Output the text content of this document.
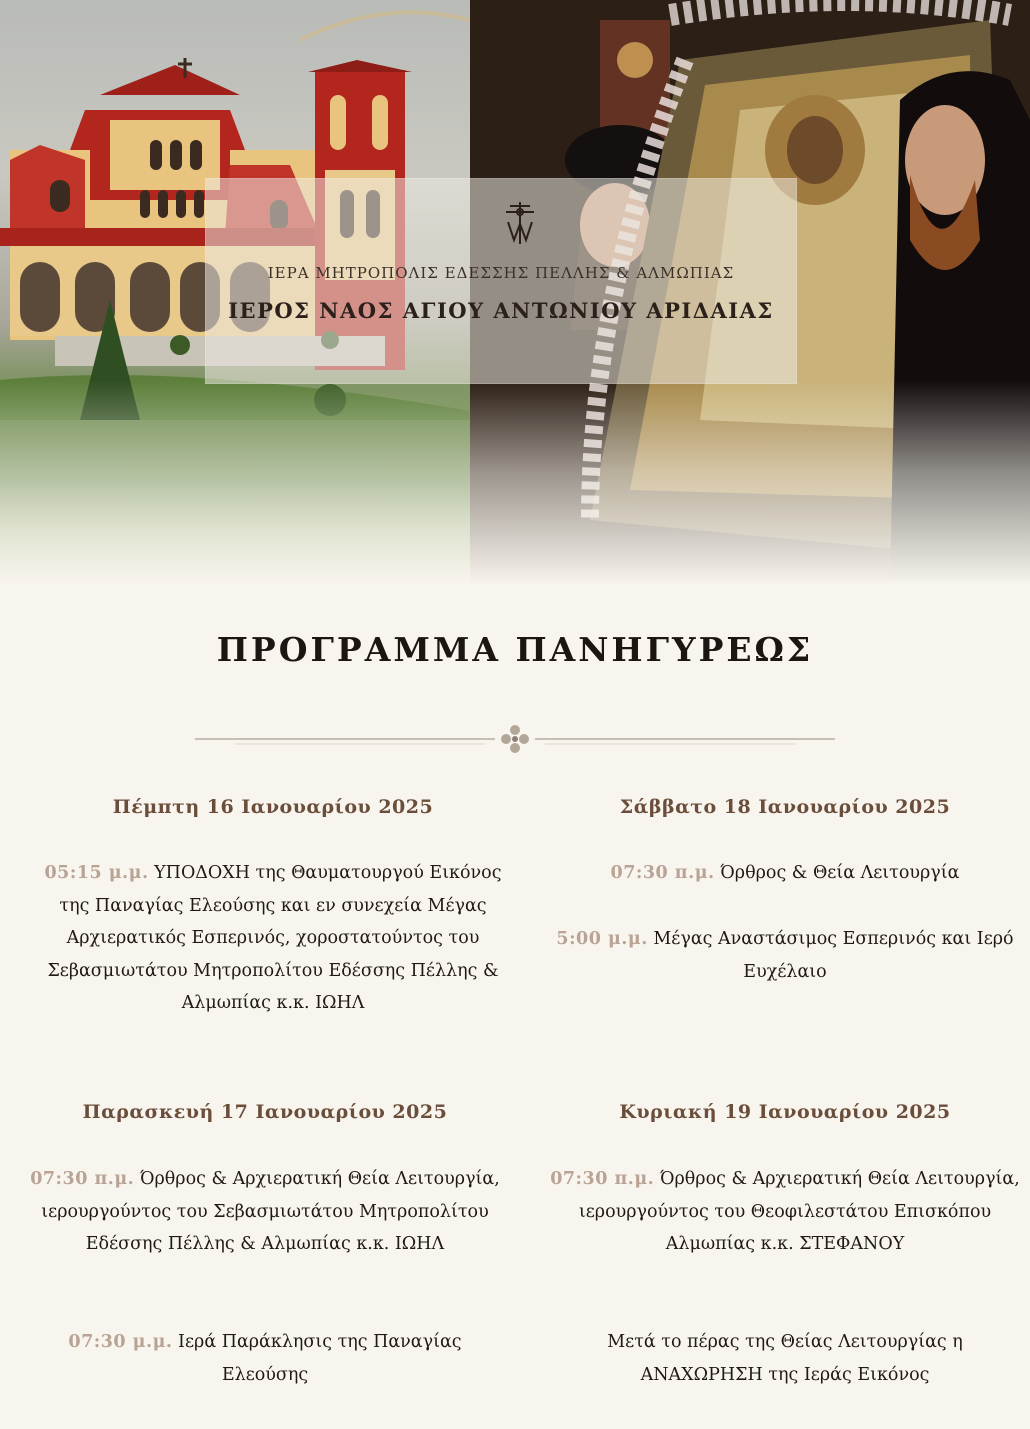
ΙΕΡΑ ΜΗΤΡΟΠΟΛΙΣ ΕΔΕΣΣΗΣ ΠΕΛΛΗΣ & ΑΛΜΩΠΙΑΣ
ΙΕΡΟΣ ΝΑΟΣ ΑΓΙΟΥ ΑΝΤΩΝΙΟΥ ΑΡΙΔΑΙΑΣ
ΠΡΟΓΡΑΜΜΑ ΠΑΝΗΓΥΡΕΩΣ
Πέμπτη 16 Ιανουαρίου 2025
05:15 μ.μ. ΥΠΟΔΟΧΗ της Θαυματουργού Εικόνος της Παναγίας Ελεούσης και εν συνεχεία Μέγας Αρχιερατικός Εσπερινός, χοροστατούντος του Σεβασμιωτάτου Μητροπολίτου Εδέσσης Πέλλης & Αλμωπίας κ.κ. ΙΩΗΛ
Παρασκευή 17 Ιανουαρίου 2025
07:30 π.μ. Όρθρος & Αρχιερατική Θεία Λειτουργία, ιερουργούντος του Σεβασμιωτάτου Μητροπολίτου Εδέσσης Πέλλης & Αλμωπίας κ.κ. ΙΩΗΛ
07:30 μ.μ. Ιερά Παράκλησις της Παναγίας Ελεούσης
Σάββατο 18 Ιανουαρίου 2025
07:30 π.μ. Όρθρος & Θεία Λειτουργία
5:00 μ.μ. Μέγας Αναστάσιμος Εσπερινός και Ιερό Ευχέλαιο
Κυριακή 19 Ιανουαρίου 2025
07:30 π.μ. Όρθρος & Αρχιερατική Θεία Λειτουργία, ιερουργούντος του Θεοφιλεστάτου Επισκόπου Αλμωπίας κ.κ. ΣΤΕΦΑΝΟΥ
Μετά το πέρας της Θείας Λειτουργίας η ΑΝΑΧΩΡΗΣΗ της Ιεράς Εικόνος
